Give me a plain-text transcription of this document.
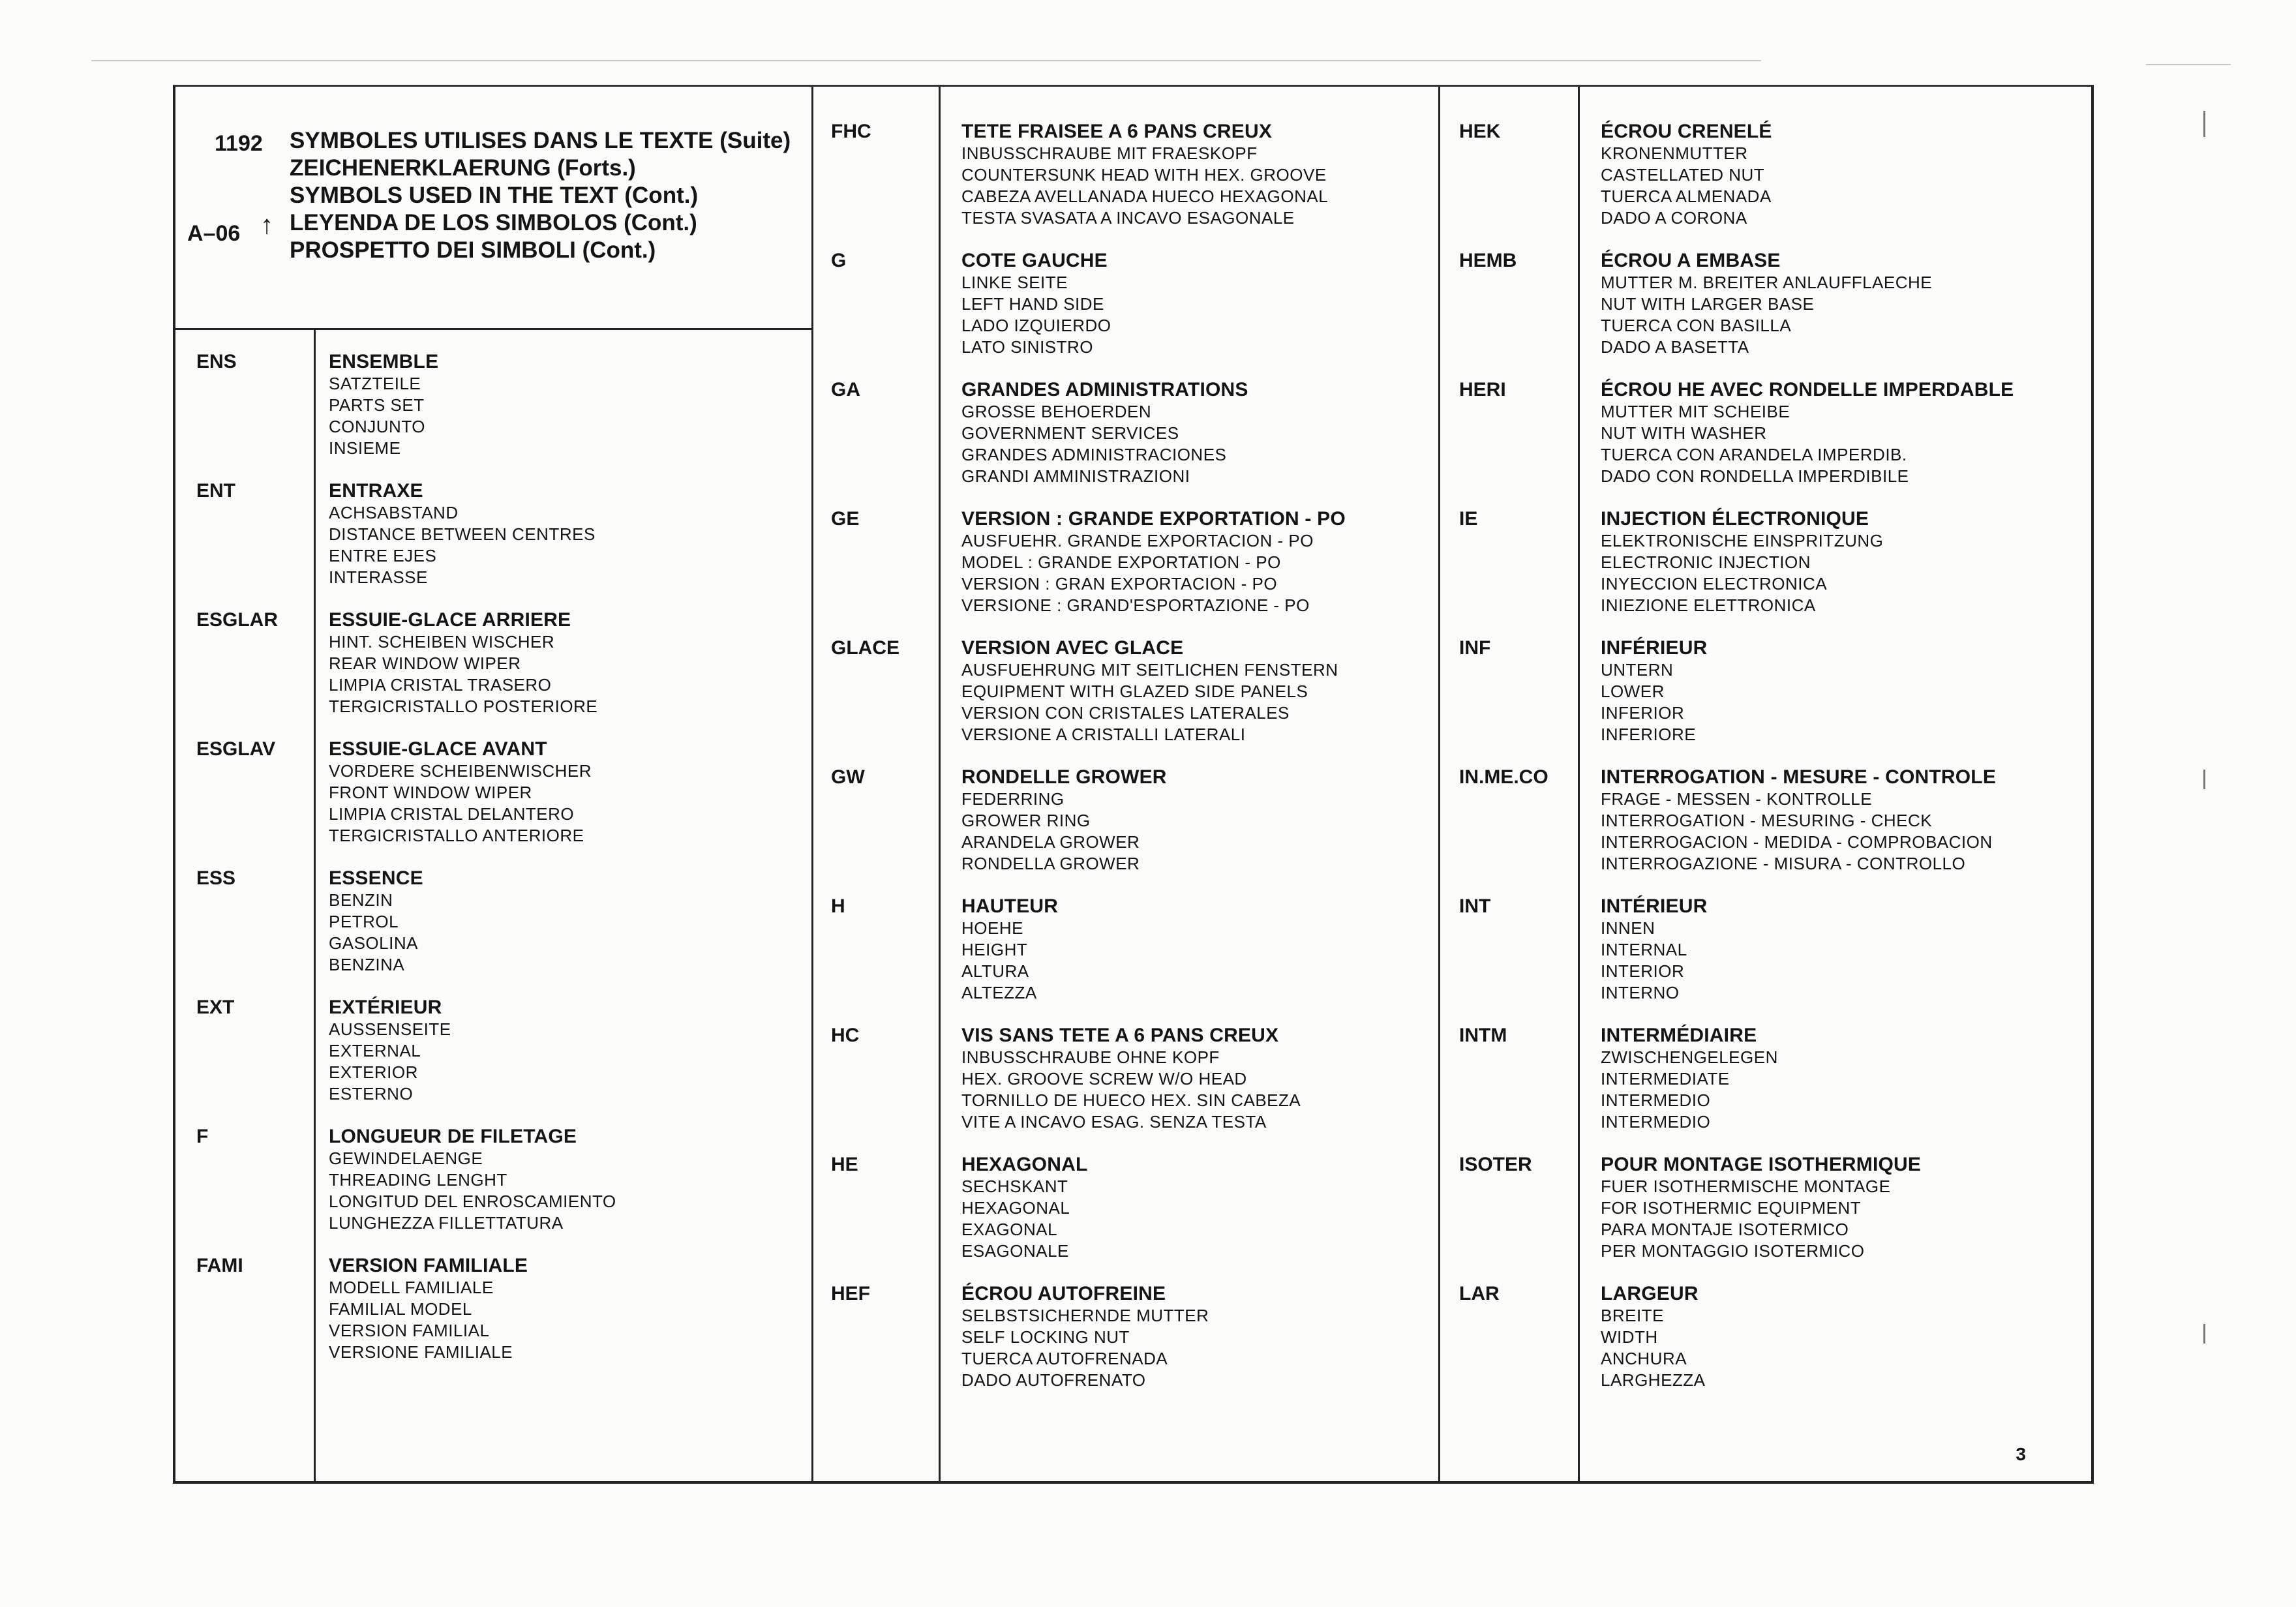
1192
A–06 ↑
SYMBOLES UTILISES DANS LE TEXTE (Suite)
ZEICHENERKLAERUNG (Forts.)
SYMBOLS USED IN THE TEXT (Cont.)
LEYENDA DE LOS SIMBOLOS (Cont.)
PROSPETTO DEI SIMBOLI (Cont.)
ENS	ENSEMBLE
SATZTEILE
PARTS SET
CONJUNTO
INSIEME
ENT	ENTRAXE
ACHSABSTAND
DISTANCE BETWEEN CENTRES
ENTRE EJES
INTERASSE
ESGLAR	ESSUIE-GLACE ARRIERE
HINT. SCHEIBEN WISCHER
REAR WINDOW WIPER
LIMPIA CRISTAL TRASERO
TERGICRISTALLO POSTERIORE
ESGLAV	ESSUIE-GLACE AVANT
VORDERE SCHEIBENWISCHER
FRONT WINDOW WIPER
LIMPIA CRISTAL DELANTERO
TERGICRISTALLO ANTERIORE
ESS	ESSENCE
BENZIN
PETROL
GASOLINA
BENZINA
EXT	EXTÉRIEUR
AUSSENSEITE
EXTERNAL
EXTERIOR
ESTERNO
F	LONGUEUR DE FILETAGE
GEWINDELAENGE
THREADING LENGHT
LONGITUD DEL ENROSCAMIENTO
LUNGHEZZA FILLETTATURA
FAMI	VERSION FAMILIALE
MODELL FAMILIALE
FAMILIAL MODEL
VERSION FAMILIAL
VERSIONE FAMILIALE
FHC	TETE FRAISEE A 6 PANS CREUX
INBUSSCHRAUBE MIT FRAESKOPF
COUNTERSUNK HEAD WITH HEX. GROOVE
CABEZA AVELLANADA HUECO HEXAGONAL
TESTA SVASATA A INCAVO ESAGONALE
G	COTE GAUCHE
LINKE SEITE
LEFT HAND SIDE
LADO IZQUIERDO
LATO SINISTRO
GA	GRANDES ADMINISTRATIONS
GROSSE BEHOERDEN
GOVERNMENT SERVICES
GRANDES ADMINISTRACIONES
GRANDI AMMINISTRAZIONI
GE	VERSION : GRANDE EXPORTATION - PO
AUSFUEHR. GRANDE EXPORTACION - PO
MODEL : GRANDE EXPORTATION - PO
VERSION : GRAN EXPORTACION - PO
VERSIONE : GRAND'ESPORTAZIONE - PO
GLACE	VERSION AVEC GLACE
AUSFUEHRUNG MIT SEITLICHEN FENSTERN
EQUIPMENT WITH GLAZED SIDE PANELS
VERSION CON CRISTALES LATERALES
VERSIONE A CRISTALLI LATERALI
GW	RONDELLE GROWER
FEDERRING
GROWER RING
ARANDELA GROWER
RONDELLA GROWER
H	HAUTEUR
HOEHE
HEIGHT
ALTURA
ALTEZZA
HC	VIS SANS TETE A 6 PANS CREUX
INBUSSCHRAUBE OHNE KOPF
HEX. GROOVE SCREW W/O HEAD
TORNILLO DE HUECO HEX. SIN CABEZA
VITE A INCAVO ESAG. SENZA TESTA
HE	HEXAGONAL
SECHSKANT
HEXAGONAL
EXAGONAL
ESAGONALE
HEF	ÉCROU AUTOFREINE
SELBSTSICHERNDE MUTTER
SELF LOCKING NUT
TUERCA AUTOFRENADA
DADO AUTOFRENATO
HEK	ÉCROU CRENELÉ
KRONENMUTTER
CASTELLATED NUT
TUERCA ALMENADA
DADO A CORONA
HEMB	ÉCROU A EMBASE
MUTTER M. BREITER ANLAUFFLAECHE
NUT WITH LARGER BASE
TUERCA CON BASILLA
DADO A BASETTA
HERI	ÉCROU HE AVEC RONDELLE IMPERDABLE
MUTTER MIT SCHEIBE
NUT WITH WASHER
TUERCA CON ARANDELA IMPERDIB.
DADO CON RONDELLA IMPERDIBILE
IE	INJECTION ÉLECTRONIQUE
ELEKTRONISCHE EINSPRITZUNG
ELECTRONIC INJECTION
INYECCION ELECTRONICA
INIEZIONE ELETTRONICA
INF	INFÉRIEUR
UNTERN
LOWER
INFERIOR
INFERIORE
IN.ME.CO	INTERROGATION - MESURE - CONTROLE
FRAGE - MESSEN - KONTROLLE
INTERROGATION - MESURING - CHECK
INTERROGACION - MEDIDA - COMPROBACION
INTERROGAZIONE - MISURA - CONTROLLO
INT	INTÉRIEUR
INNEN
INTERNAL
INTERIOR
INTERNO
INTM	INTERMÉDIAIRE
ZWISCHENGELEGEN
INTERMEDIATE
INTERMEDIO
INTERMEDIO
ISOTER	POUR MONTAGE ISOTHERMIQUE
FUER ISOTHERMISCHE MONTAGE
FOR ISOTHERMIC EQUIPMENT
PARA MONTAJE ISOTERMICO
PER MONTAGGIO ISOTERMICO
LAR	LARGEUR
BREITE
WIDTH
ANCHURA
LARGHEZZA
3
